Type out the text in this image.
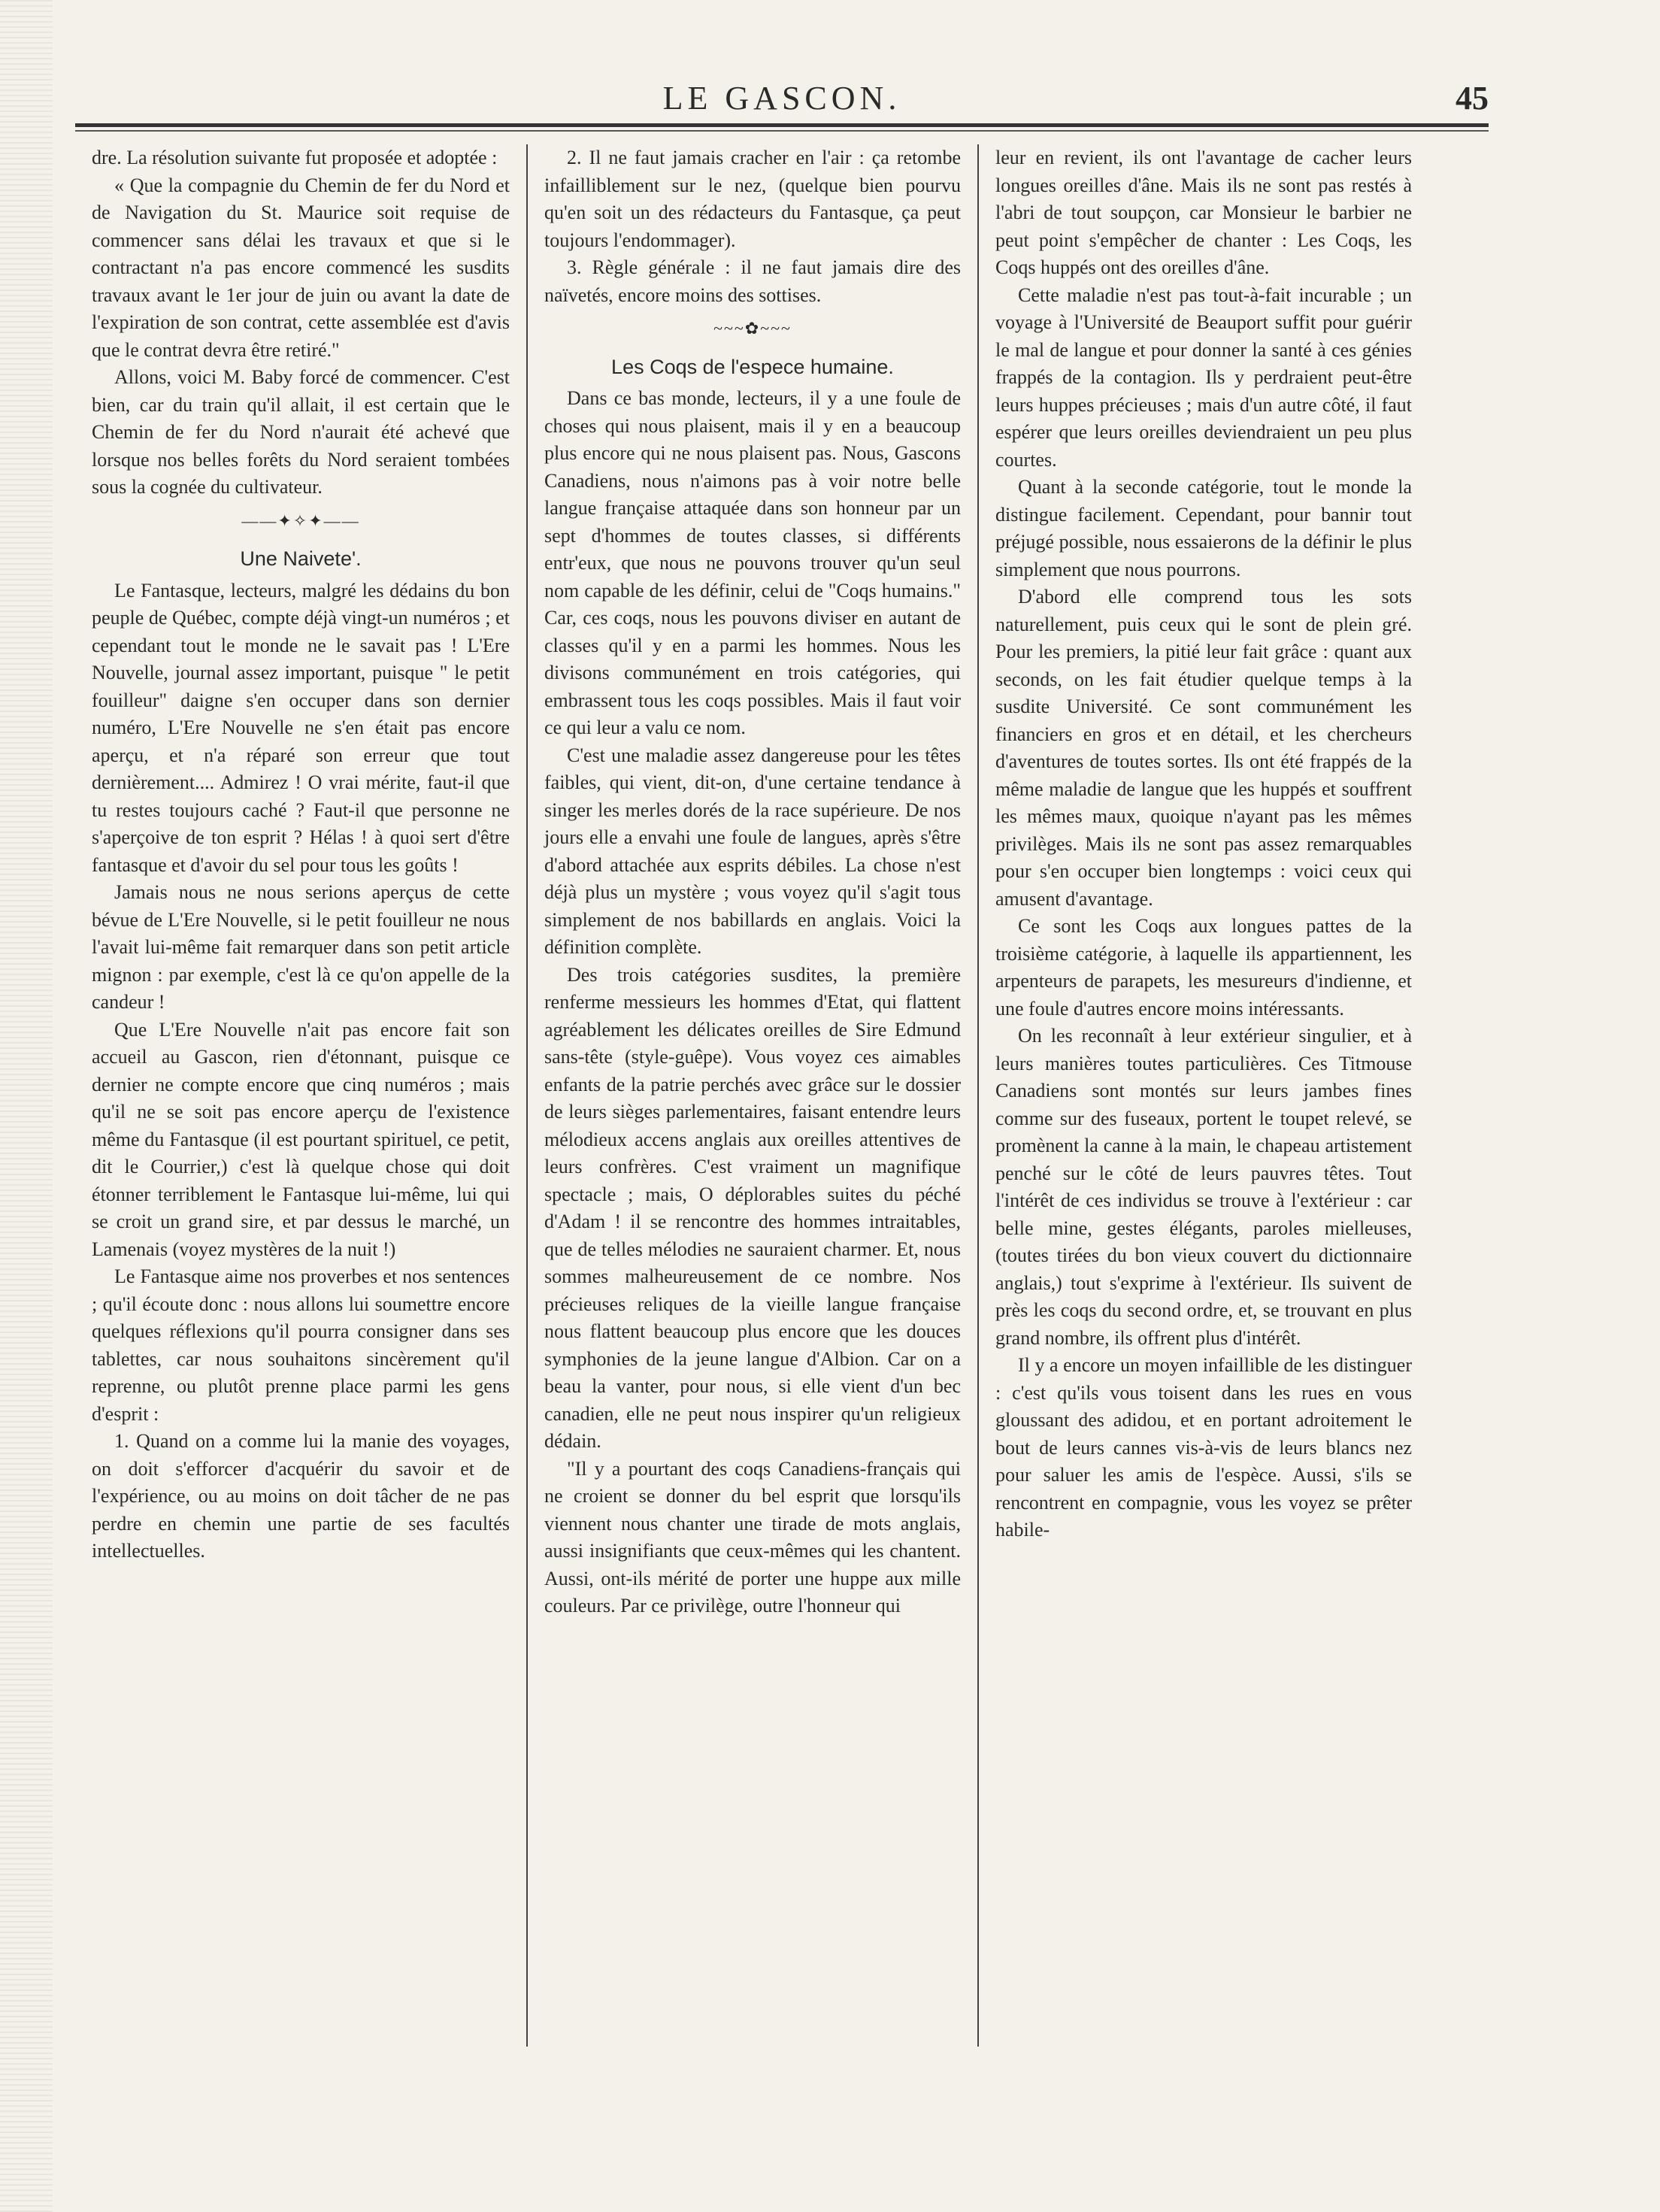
LE GASCON.	45

dre. La résolution suivante fut proposée et adoptée :

« Que la compagnie du Chemin de fer du Nord et de Navigation du St. Maurice soit requise de commencer sans délai les travaux et que si le contractant n'a pas encore commencé les susdits travaux avant le 1er jour de juin ou avant la date de l'expiration de son contrat, cette assemblée est d'avis que le contrat devra être retiré."

Allons, voici M. Baby forcé de commencer. C'est bien, car du train qu'il allait, il est certain que le Chemin de fer du Nord n'aurait été achevé que lorsque nos belles forêts du Nord seraient tombées sous la cognée du cultivateur.

——✦✧✦——
Une Naivete'.

Le Fantasque, lecteurs, malgré les dédains du bon peuple de Québec, compte déjà vingt-un numéros ; et cependant tout le monde ne le savait pas ! L'Ere Nouvelle, journal assez important, puisque " le petit fouilleur" daigne s'en occuper dans son dernier numéro, L'Ere Nouvelle ne s'en était pas encore aperçu, et n'a réparé son erreur que tout dernièrement.... Admirez ! O vrai mérite, faut-il que tu restes toujours caché ? Faut-il que personne ne s'aperçoive de ton esprit ? Hélas ! à quoi sert d'être fantasque et d'avoir du sel pour tous les goûts !

Jamais nous ne nous serions aperçus de cette bévue de L'Ere Nouvelle, si le petit fouilleur ne nous l'avait lui-même fait remarquer dans son petit article mignon : par exemple, c'est là ce qu'on appelle de la candeur !

Que L'Ere Nouvelle n'ait pas encore fait son accueil au Gascon, rien d'étonnant, puisque ce dernier ne compte encore que cinq numéros ; mais qu'il ne se soit pas encore aperçu de l'existence même du Fantasque (il est pourtant spirituel, ce petit, dit le Courrier,) c'est là quelque chose qui doit étonner terriblement le Fantasque lui-même, lui qui se croit un grand sire, et par dessus le marché, un Lamenais (voyez mystères de la nuit !)

Le Fantasque aime nos proverbes et nos sentences ; qu'il écoute donc : nous allons lui soumettre encore quelques réflexions qu'il pourra consigner dans ses tablettes, car nous souhaitons sincèrement qu'il reprenne, ou plutôt prenne place parmi les gens d'esprit :

1. Quand on a comme lui la manie des voyages, on doit s'efforcer d'acquérir du savoir et de l'expérience, ou au moins on doit tâcher de ne pas perdre en chemin une partie de ses facultés intellectuelles.

2. Il ne faut jamais cracher en l'air : ça retombe infailliblement sur le nez, (quelque bien pourvu qu'en soit un des rédacteurs du Fantasque, ça peut toujours l'endommager).

3. Règle générale : il ne faut jamais dire des naïvetés, encore moins des sottises.

~~~✿~~~
Les Coqs de l'espece humaine.

Dans ce bas monde, lecteurs, il y a une foule de choses qui nous plaisent, mais il y en a beaucoup plus encore qui ne nous plaisent pas. Nous, Gascons Canadiens, nous n'aimons pas à voir notre belle langue française attaquée dans son honneur par un sept d'hommes de toutes classes, si différents entr'eux, que nous ne pouvons trouver qu'un seul nom capable de les définir, celui de "Coqs humains." Car, ces coqs, nous les pouvons diviser en autant de classes qu'il y en a parmi les hommes. Nous les divisons communément en trois catégories, qui embrassent tous les coqs possibles. Mais il faut voir ce qui leur a valu ce nom.

C'est une maladie assez dangereuse pour les têtes faibles, qui vient, dit-on, d'une certaine tendance à singer les merles dorés de la race supérieure. De nos jours elle a envahi une foule de langues, après s'être d'abord attachée aux esprits débiles. La chose n'est déjà plus un mystère ; vous voyez qu'il s'agit tous simplement de nos babillards en anglais. Voici la définition complète.

Des trois catégories susdites, la première renferme messieurs les hommes d'Etat, qui flattent agréablement les délicates oreilles de Sire Edmund sans-tête (style-guêpe). Vous voyez ces aimables enfants de la patrie perchés avec grâce sur le dossier de leurs sièges parlementaires, faisant entendre leurs mélodieux accens anglais aux oreilles attentives de leurs confrères. C'est vraiment un magnifique spectacle ; mais, O déplorables suites du péché d'Adam ! il se rencontre des hommes intraitables, que de telles mélodies ne sauraient charmer. Et, nous sommes malheureusement de ce nombre. Nos précieuses reliques de la vieille langue française nous flattent beaucoup plus encore que les douces symphonies de la jeune langue d'Albion. Car on a beau la vanter, pour nous, si elle vient d'un bec canadien, elle ne peut nous inspirer qu'un religieux dédain.

"Il y a pourtant des coqs Canadiens-français qui ne croient se donner du bel esprit que lorsqu'ils viennent nous chanter une tirade de mots anglais, aussi insignifiants que ceux-mêmes qui les chantent. Aussi, ont-ils mérité de porter une huppe aux mille couleurs. Par ce privilège, outre l'honneur qui

leur en revient, ils ont l'avantage de cacher leurs longues oreilles d'âne. Mais ils ne sont pas restés à l'abri de tout soupçon, car Monsieur le barbier ne peut point s'empêcher de chanter : Les Coqs, les Coqs huppés ont des oreilles d'âne.

Cette maladie n'est pas tout-à-fait incurable ; un voyage à l'Université de Beauport suffit pour guérir le mal de langue et pour donner la santé à ces génies frappés de la contagion. Ils y perdraient peut-être leurs huppes précieuses ; mais d'un autre côté, il faut espérer que leurs oreilles deviendraient un peu plus courtes.

Quant à la seconde catégorie, tout le monde la distingue facilement. Cependant, pour bannir tout préjugé possible, nous essaierons de la définir le plus simplement que nous pourrons.

D'abord elle comprend tous les sots naturellement, puis ceux qui le sont de plein gré. Pour les premiers, la pitié leur fait grâce : quant aux seconds, on les fait étudier quelque temps à la susdite Université. Ce sont communément les financiers en gros et en détail, et les chercheurs d'aventures de toutes sortes. Ils ont été frappés de la même maladie de langue que les huppés et souffrent les mêmes maux, quoique n'ayant pas les mêmes privilèges. Mais ils ne sont pas assez remarquables pour s'en occuper bien longtemps : voici ceux qui amusent d'avantage.

Ce sont les Coqs aux longues pattes de la troisième catégorie, à laquelle ils appartiennent, les arpenteurs de parapets, les mesureurs d'indienne, et une foule d'autres encore moins intéressants.

On les reconnaît à leur extérieur singulier, et à leurs manières toutes particulières. Ces Titmouse Canadiens sont montés sur leurs jambes fines comme sur des fuseaux, portent le toupet relevé, se promènent la canne à la main, le chapeau artistement penché sur le côté de leurs pauvres têtes. Tout l'intérêt de ces individus se trouve à l'extérieur : car belle mine, gestes élégants, paroles mielleuses, (toutes tirées du bon vieux couvert du dictionnaire anglais,) tout s'exprime à l'extérieur. Ils suivent de près les coqs du second ordre, et, se trouvant en plus grand nombre, ils offrent plus d'intérêt.

Il y a encore un moyen infaillible de les distinguer : c'est qu'ils vous toisent dans les rues en vous gloussant des adidou, et en portant adroitement le bout de leurs cannes vis-à-vis de leurs blancs nez pour saluer les amis de l'espèce. Aussi, s'ils se rencontrent en compagnie, vous les voyez se prêter habile-
